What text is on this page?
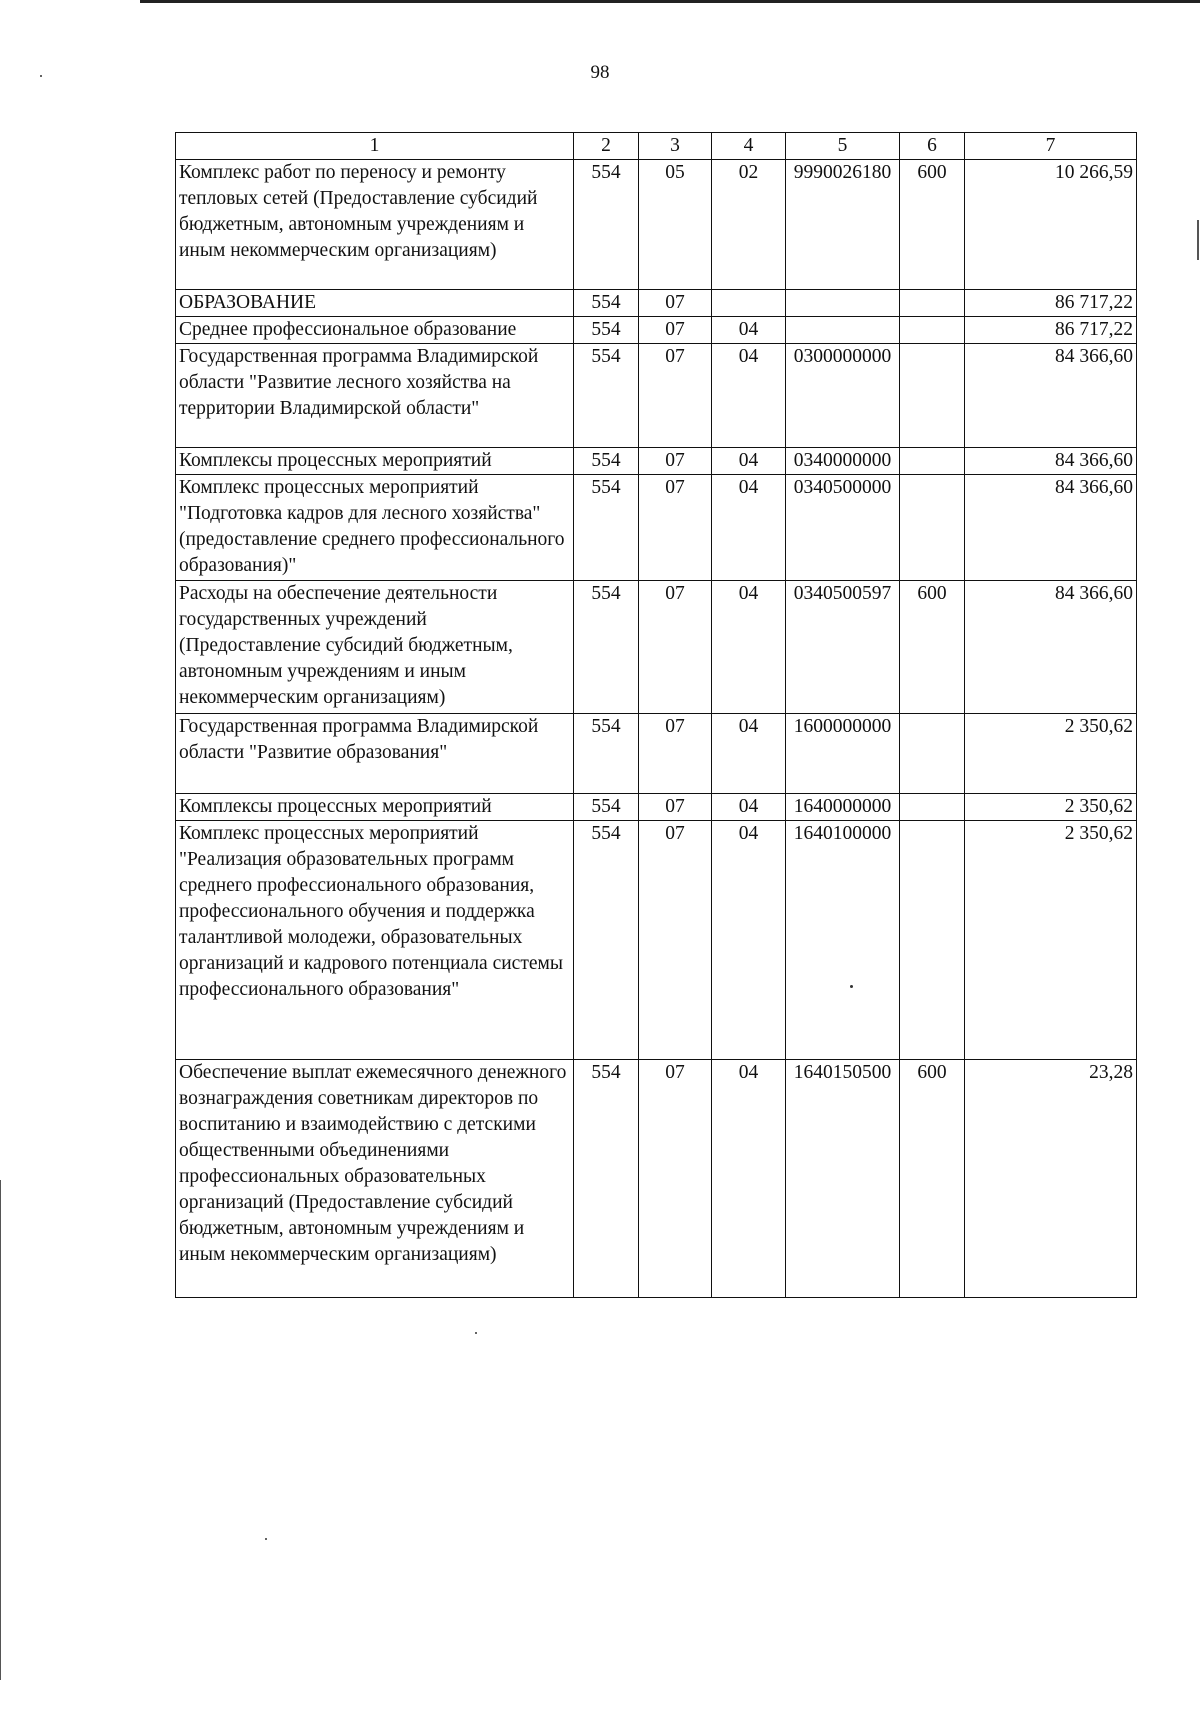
98
1	2	3	4	5	6	7
Комплекс работ по переносу и ремонту тепловых сетей (Предоставление субсидий бюджетным, автономным учреждениям и иным некоммерческим организациям)	554	05	02	9990026180	600	10 266,59
ОБРАЗОВАНИЕ	554	07				86 717,22
Среднее профессиональное образование	554	07	04			86 717,22
Государственная программа Владимирской области "Развитие лесного хозяйства на территории Владимирской области"	554	07	04	0300000000		84 366,60
Комплексы процессных мероприятий	554	07	04	0340000000		84 366,60
Комплекс процессных мероприятий "Подготовка кадров для лесного хозяйства" (предоставление среднего профессионального образования)"	554	07	04	0340500000		84 366,60
Расходы на обеспечение деятельности государственных учреждений (Предоставление субсидий бюджетным, автономным учреждениям и иным некоммерческим организациям)	554	07	04	0340500597	600	84 366,60
Государственная программа Владимирской области "Развитие образования"	554	07	04	1600000000		2 350,62
Комплексы процессных мероприятий	554	07	04	1640000000		2 350,62
Комплекс процессных мероприятий "Реализация образовательных программ среднего профессионального образования, профессионального обучения и поддержка талантливой молодежи, образовательных организаций и кадрового потенциала системы профессионального образования"	554	07	04	1640100000		2 350,62
Обеспечение выплат ежемесячного денежного вознаграждения советникам директоров по воспитанию и взаимодействию с детскими общественными объединениями профессиональных образовательных организаций (Предоставление субсидий бюджетным, автономным учреждениям и иным некоммерческим организациям)	554	07	04	1640150500	600	23,28
